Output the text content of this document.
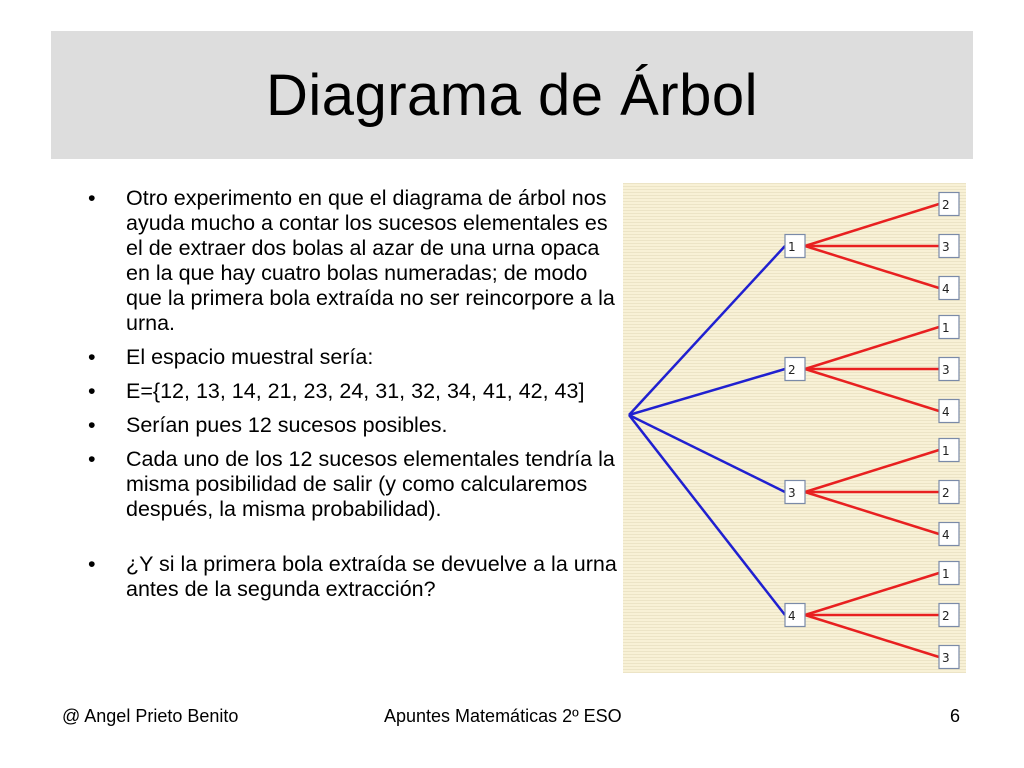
Diagrama de Árbol
• Otro experimento en que el diagrama de árbol nos ayuda mucho a contar los sucesos elementales es el de extraer dos bolas al azar de una urna opaca en la que hay cuatro bolas numeradas; de modo que la primera bola extraída no ser reincorpore a la urna.
• El espacio muestral sería:
• E={12, 13, 14, 21, 23, 24, 31, 32, 34, 41, 42, 43]
• Serían pues 12 sucesos posibles.
• Cada uno de los 12 sucesos elementales tendría la misma posibilidad de salir (y como calcularemos después, la misma probabilidad).
• ¿Y si la primera bola extraída se devuelve a la urna antes de la segunda extracción?
2
3
4
1
1
3
4
2
1
2
4
3
1
2
3
4
@ Angel Prieto Benito	Apuntes Matemáticas 2º ESO	6
